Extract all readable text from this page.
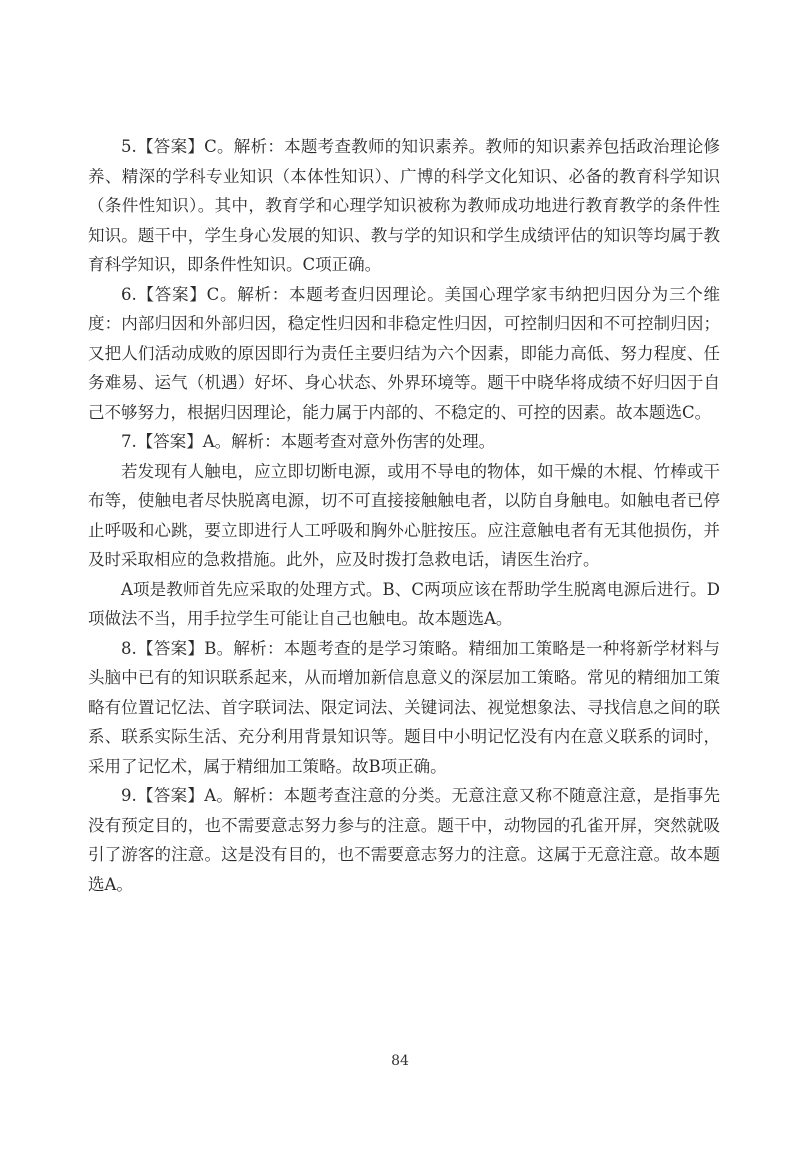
5.【答案】C。解析：本题考查教师的知识素养。教师的知识素养包括政治理论修养、精深的学科专业知识（本体性知识）、广博的科学文化知识、必备的教育科学知识（条件性知识）。其中，教育学和心理学知识被称为教师成功地进行教育教学的条件性知识。题干中，学生身心发展的知识、教与学的知识和学生成绩评估的知识等均属于教育科学知识，即条件性知识。C项正确。

6.【答案】C。解析：本题考查归因理论。美国心理学家韦纳把归因分为三个维度：内部归因和外部归因，稳定性归因和非稳定性归因，可控制归因和不可控制归因；又把人们活动成败的原因即行为责任主要归结为六个因素，即能力高低、努力程度、任务难易、运气（机遇）好坏、身心状态、外界环境等。题干中晓华将成绩不好归因于自己不够努力，根据归因理论，能力属于内部的、不稳定的、可控的因素。故本题选C。

7.【答案】A。解析：本题考查对意外伤害的处理。

若发现有人触电，应立即切断电源，或用不导电的物体，如干燥的木棍、竹棒或干布等，使触电者尽快脱离电源，切不可直接接触触电者，以防自身触电。如触电者已停止呼吸和心跳，要立即进行人工呼吸和胸外心脏按压。应注意触电者有无其他损伤，并及时采取相应的急救措施。此外，应及时拨打急救电话，请医生治疗。

A项是教师首先应采取的处理方式。B、C两项应该在帮助学生脱离电源后进行。D项做法不当，用手拉学生可能让自己也触电。故本题选A。

8.【答案】B。解析：本题考查的是学习策略。精细加工策略是一种将新学材料与头脑中已有的知识联系起来，从而增加新信息意义的深层加工策略。常见的精细加工策略有位置记忆法、首字联词法、限定词法、关键词法、视觉想象法、寻找信息之间的联系、联系实际生活、充分利用背景知识等。题目中小明记忆没有内在意义联系的词时，采用了记忆术，属于精细加工策略。故B项正确。

9.【答案】A。解析：本题考查注意的分类。无意注意又称不随意注意，是指事先没有预定目的，也不需要意志努力参与的注意。题干中，动物园的孔雀开屏，突然就吸引了游客的注意。这是没有目的，也不需要意志努力的注意。这属于无意注意。故本题选A。

84
